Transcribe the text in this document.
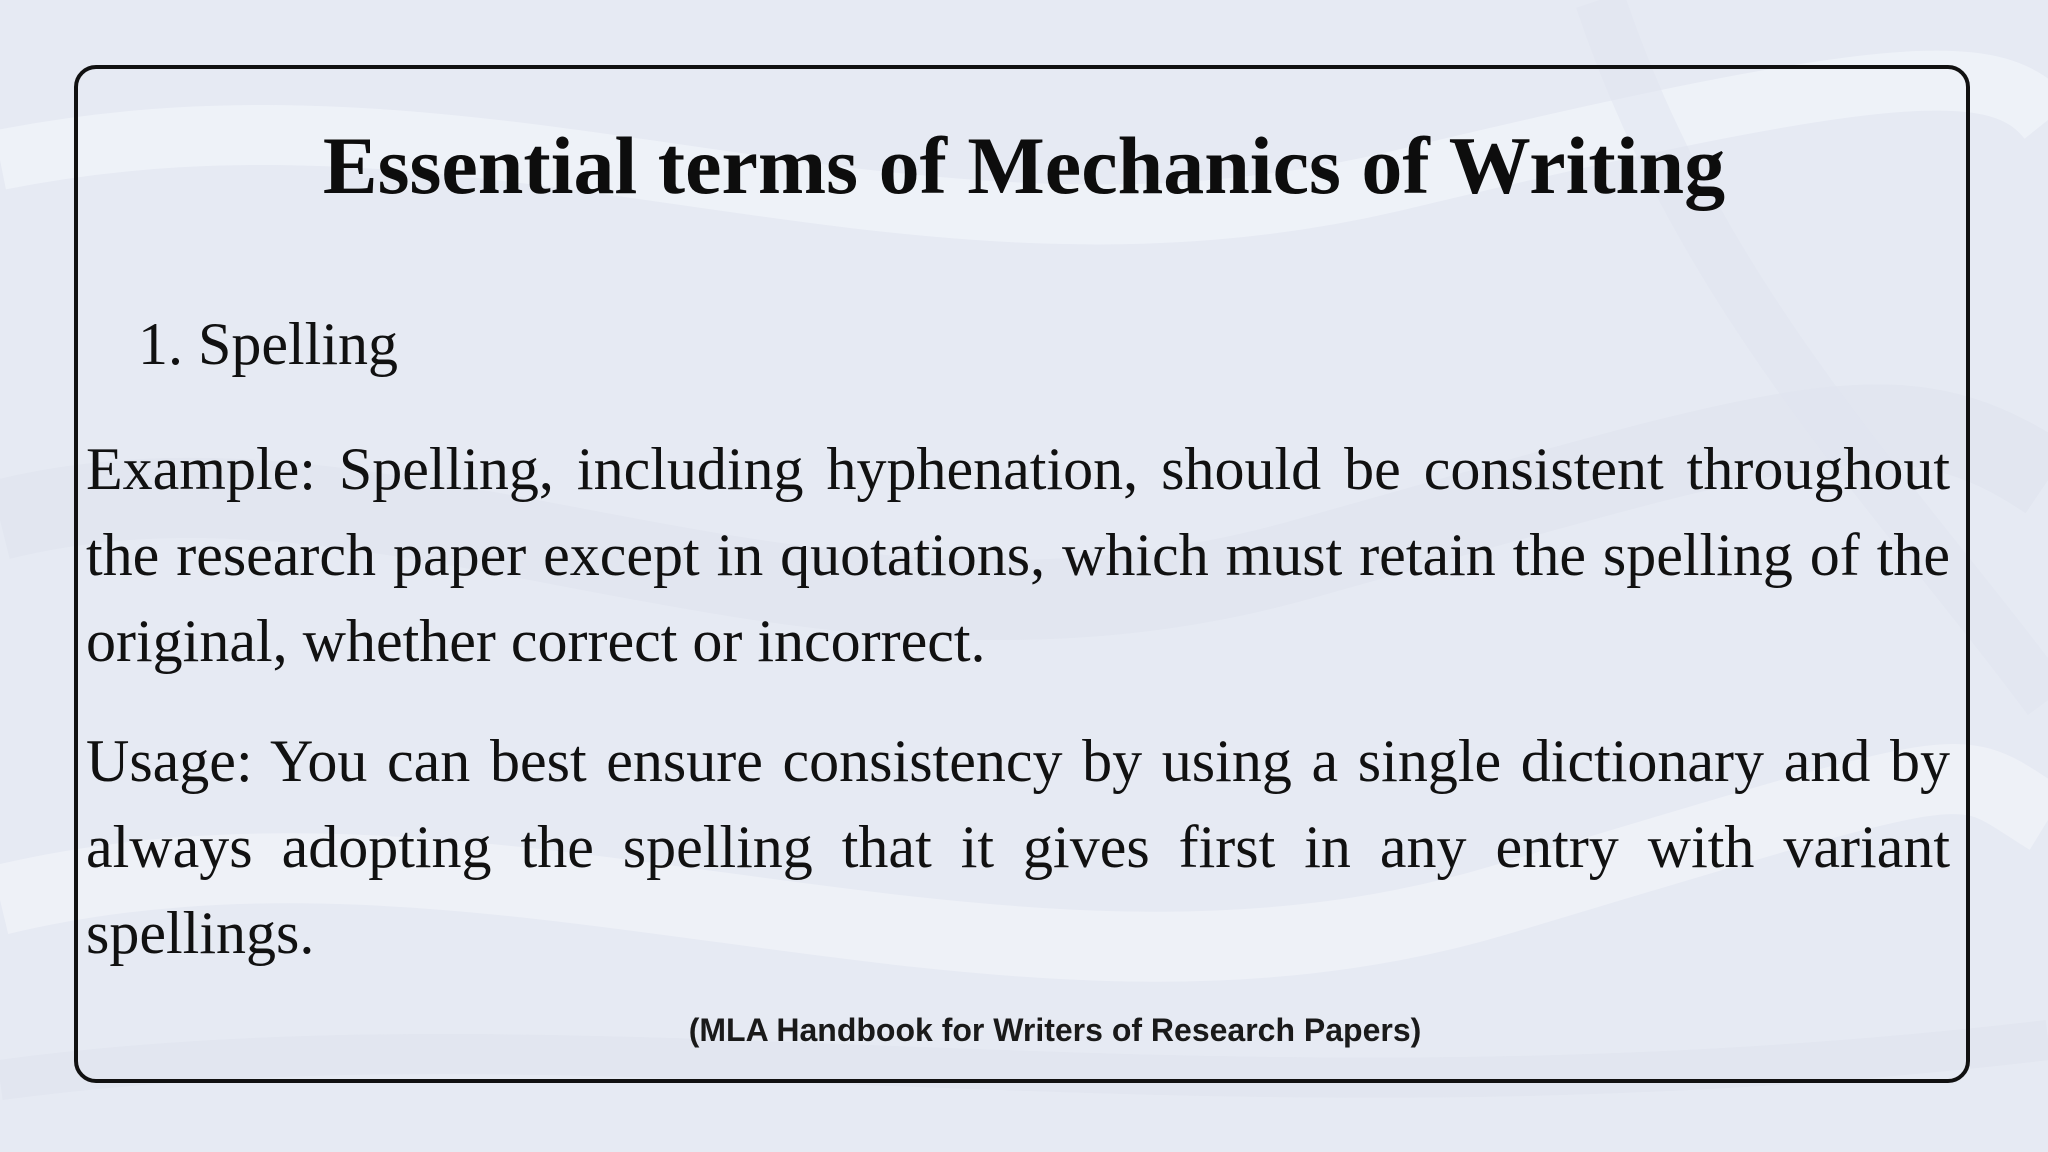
Essential terms of Mechanics of Writing

1. Spelling

Example: Spelling, including hyphenation, should be consistent throughout the research paper except in quotations, which must retain the spelling of the original, whether correct or incorrect.

Usage: You can best ensure consistency by using a single dictionary and by always adopting the spelling that it gives first in any entry with variant spellings.

(MLA Handbook for Writers of Research Papers)
